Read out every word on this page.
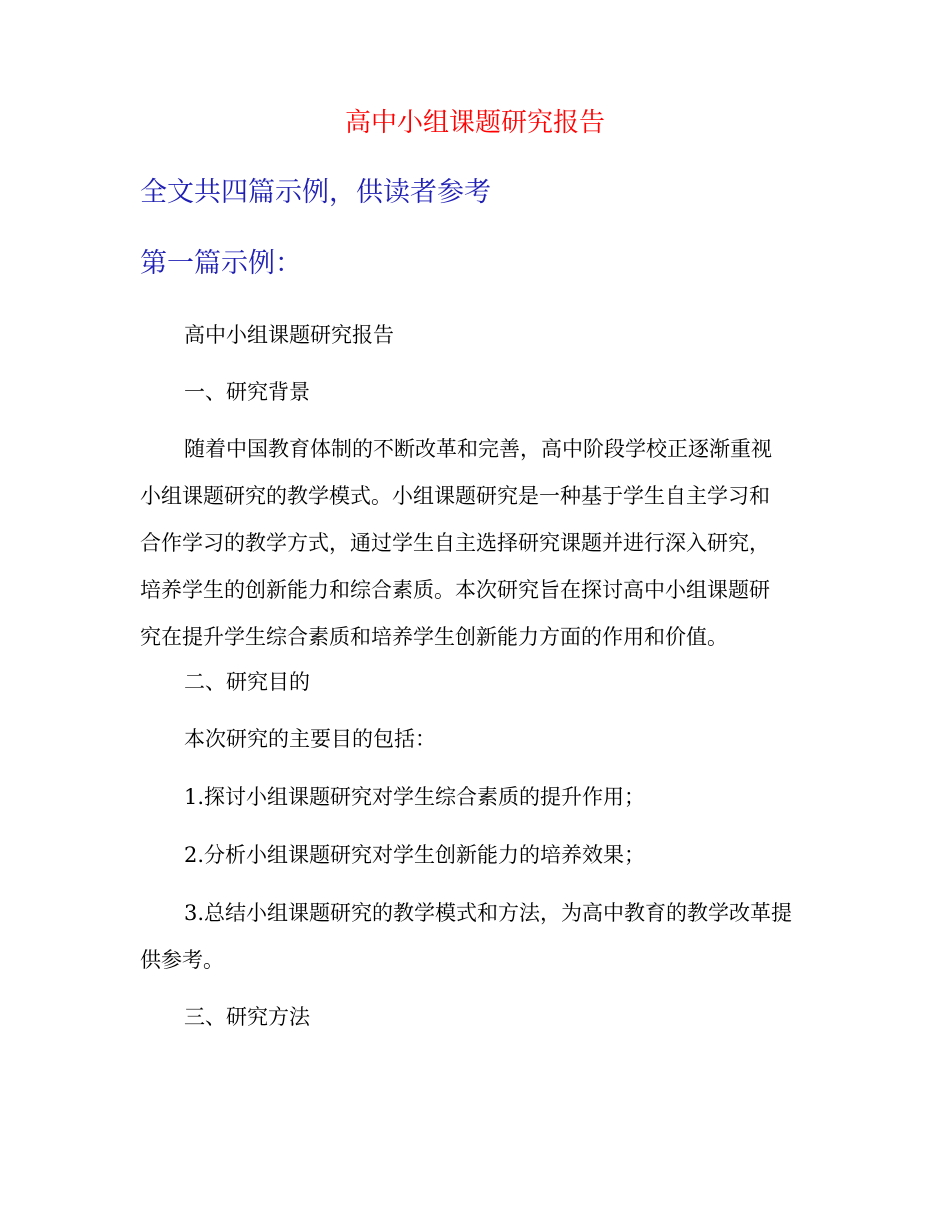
高中小组课题研究报告
全文共四篇示例，供读者参考
第一篇示例：

高中小组课题研究报告

一、研究背景

随着中国教育体制的不断改革和完善，高中阶段学校正逐渐重视
小组课题研究的教学模式。小组课题研究是一种基于学生自主学习和
合作学习的教学方式，通过学生自主选择研究课题并进行深入研究，
培养学生的创新能力和综合素质。本次研究旨在探讨高中小组课题研
究在提升学生综合素质和培养学生创新能力方面的作用和价值。

二、研究目的

本次研究的主要目的包括：

1.探讨小组课题研究对学生综合素质的提升作用；

2.分析小组课题研究对学生创新能力的培养效果；

3.总结小组课题研究的教学模式和方法，为高中教育的教学改革提
供参考。

三、研究方法
